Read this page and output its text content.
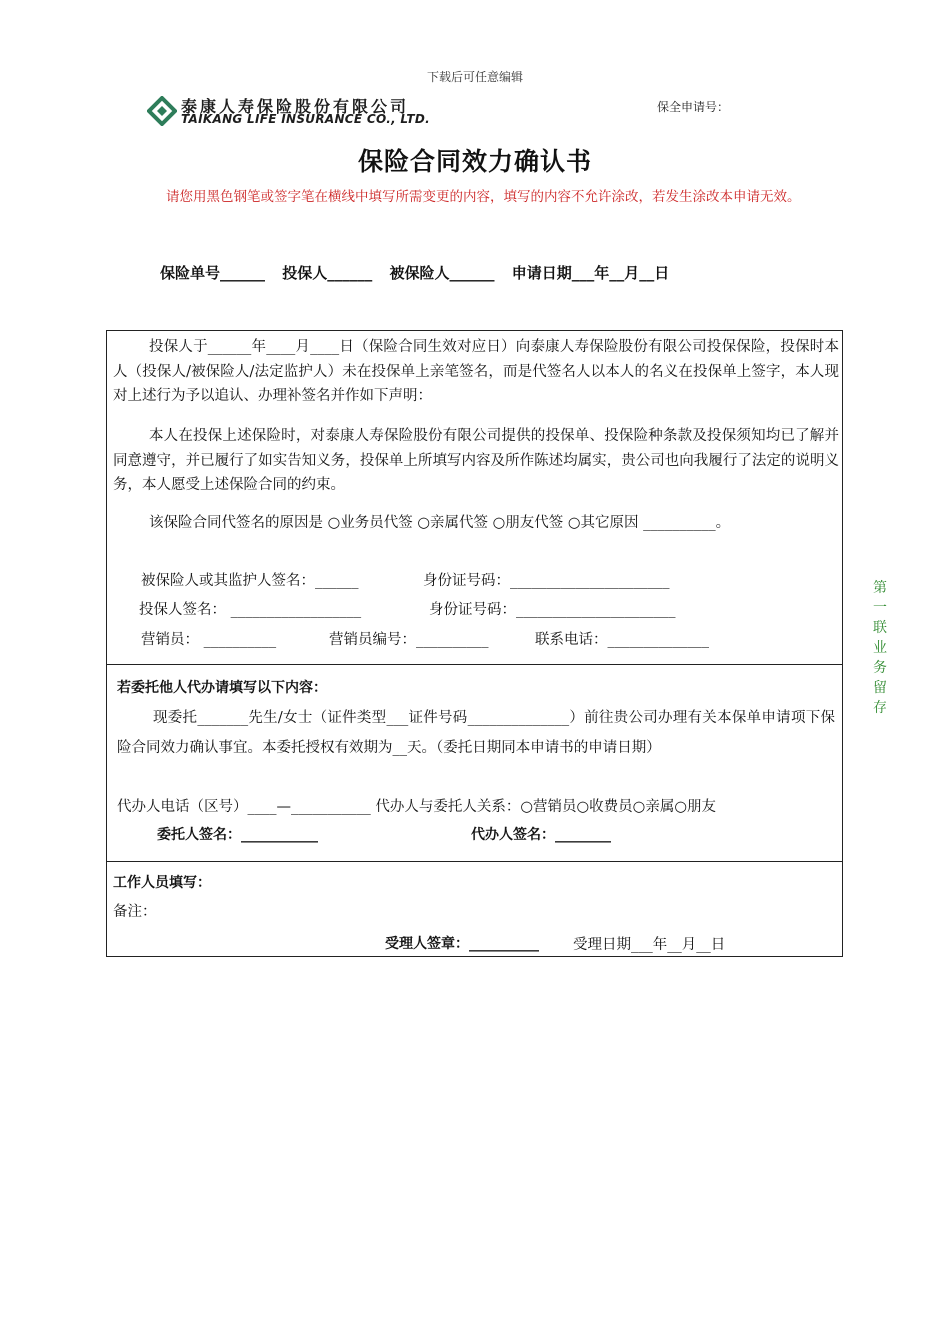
下载后可任意编辑
泰康人寿保险股份有限公司
TAIKANG LIFE INSURANCE CO., LTD.
保全申请号：
保险合同效力确认书
请您用黑色钢笔或签字笔在横线中填写所需变更的内容，填写的内容不允许涂改，若发生涂改本申请无效。
保险单号______ 投保人______ 被保险人______ 申请日期___年__月__日
投保人于______年____月____日（保险合同生效对应日）向泰康人寿保险股份有限公司投保保险，投保时本人（投保人/被保险人/法定监护人）未在投保单上亲笔签名，而是代签名人以本人的名义在投保单上签字，本人现对上述行为予以追认、办理补签名并作如下声明：
本人在投保上述保险时，对泰康人寿保险股份有限公司提供的投保单、投保险种条款及投保须知均已了解并同意遵守，并已履行了如实告知义务，投保单上所填写内容及所作陈述均属实，贵公司也向我履行了法定的说明义务，本人愿受上述保险合同的约束。
该保险合同代签名的原因是 ○业务员代签 ○亲属代签 ○朋友代签 ○其它原因 __________。
被保险人或其监护人签名：______	身份证号码：______________________
投保人签名： __________________	身份证号码：______________________
营销员： __________	营销员编号：__________	联系电话：______________
若委托他人代办请填写以下内容：
现委托_______先生/女士（证件类型___证件号码______________）前往贵公司办理有关本保单申请项下保险合同效力确认事宜。本委托授权有效期为__天。（委托日期同本申请书的申请日期）
代办人电话（区号）____—___________ 代办人与委托人关系：○营销员○收费员○亲属○朋友
委托人签名：___________	代办人签名：________
工作人员填写：
备注：
受理人签章：__________ 受理日期___年__月__日
第一联 业务留存
